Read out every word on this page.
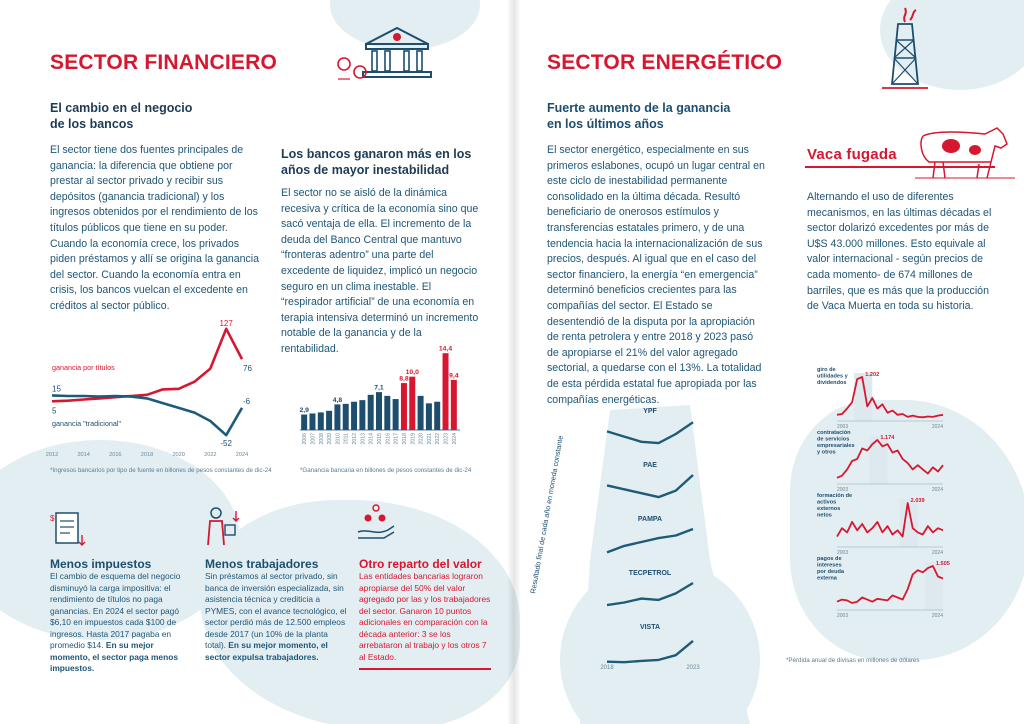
SECTOR FINANCIERO
El cambio en el negocio
de los bancos
El sector tiene dos fuentes principales de ganancia: la diferencia que obtiene por prestar al sector privado y recibir sus depósitos (ganancia tradicional) y los ingresos obtenidos por el rendimiento de los títulos públicos que tiene en su poder. Cuando la economía crece, los privados piden préstamos y allí se origina la ganancia del sector. Cuando la economía entra en crisis, los bancos vuelcan el excedente en créditos al sector público.
Los bancos ganaron más en los años de mayor inestabilidad
El sector no se aisló de la dinámica recesiva y crítica de la economía sino que sacó ventaja de ella. El incremento de la deuda del Banco Central que mantuvo “fronteras adentro” una parte del excedente de liquidez, implicó un negocio seguro en un clima inestable. El “respirador artificial” de una economía en terapia intensiva determinó un incremento notable de la ganancia y de la rentabilidad.
5
76
127
15
-6
-52
ganancia por títulos
ganancia "tradicional"
2012	2014	2016	2018	2020	2022	2024
*Ingresos bancarios por tipo de fuente en billones de pesos constantes de dic-24
2,9
2006 2007 2008 2009
4,8
2010 2011 2012 2013 2014
7,1
2015 2016 2017
8,8
2018
10,0
2019 2020 2021 2022
14,4
2023
9,4
2024
*Ganancia bancaria en billones de pesos constantes de dic-24
$
Menos impuestos
El cambio de esquema del negocio disminuyó la carga impositiva: el rendimiento de títulos no paga ganancias. En 2024 el sector pagó $6,10 en impuestos cada $100 de ingresos. Hasta 2017 pagaba en promedio $14. En su mejor momento, el sector paga menos impuestos.
Menos trabajadores
Sin préstamos al sector privado, sin banca de inversión especializada, sin asistencia técnica y crediticia a PYMES, con el avance tecnológico, el sector perdió más de 12.500 empleos desde 2017 (un 10% de la planta total). En su mejor momento, el sector expulsa trabajadores.
Otro reparto del valor
Las entidades bancarias lograron apropiarse del 50% del valor agregado por las y los trabajadores del sector. Ganaron 10 puntos adicionales en comparación con la década anterior: 3 se los arrebataron al trabajo y los otros 7 al Estado.
SECTOR ENERGÉTICO
Fuerte aumento de la ganancia
en los últimos años
El sector energético, especialmente en sus primeros eslabones, ocupó un lugar central en este ciclo de inestabilidad permanente consolidado en la última década. Resultó beneficiario de onerosos estímulos y transferencias estatales primero, y de una tendencia hacia la internacionalización de sus precios, después. Al igual que en el caso del sector financiero, la energía “en emergencia” determinó beneficios crecientes para las compañías del sector. El Estado se desentendió de la disputa por la apropiación de renta petrolera y entre 2018 y 2023 pasó de apropiarse el 21% del valor agregado sectorial, a quedarse con el 13%. La totalidad de esta pérdida estatal fue apropiada por las compañías energéticas.
Vaca fugada
Alternando el uso de diferentes mecanismos, en las últimas décadas el sector dolarizó excedentes por más de U$S 43.000 millones. Esto equivale al valor internacional - según precios de cada momento- de 674 millones de barriles, que es más que la producción de Vaca Muerta en toda su historia.
Resultado final de cada año en moneda constante
YPF
PAE
PAMPA
TECPETROL
VISTA
2018	2023
giro de
utilidades y
dividendos
1.202
2003	2024
contratación
de servicios
empresariales
y otros
1.174
2003	2024
formación de
activos
externos
netos
2.039
2003	2024
pagos de
intereses
por deuda
externa
1.505
2003	2024
*Pérdida anual de divisas en millones de dólares
